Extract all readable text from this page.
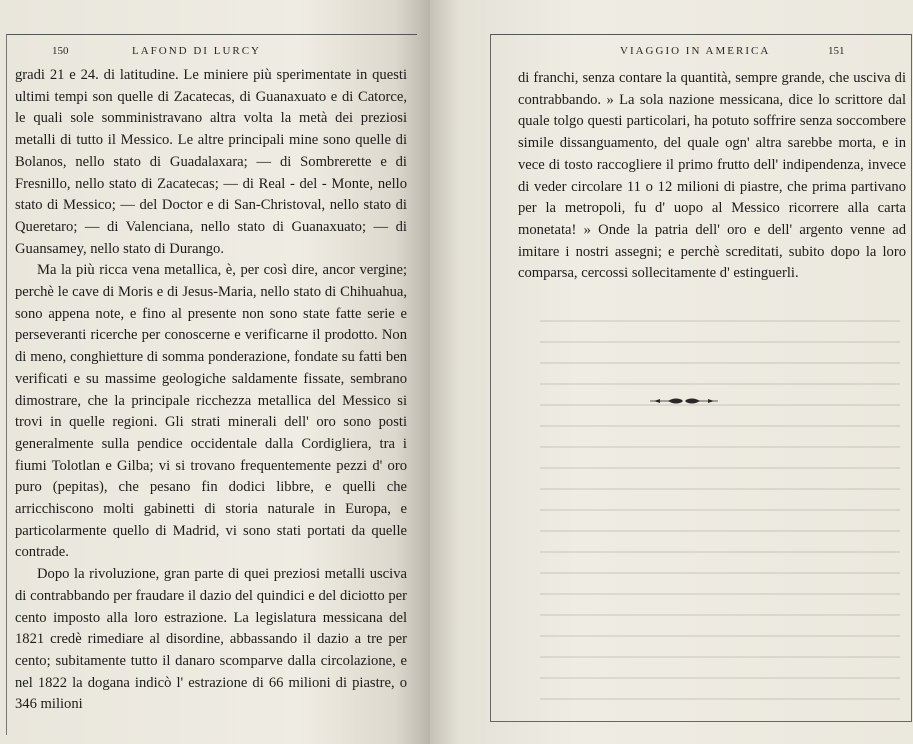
150	LAFOND DI LURCY

gradi 21 e 24. di latitudine. Le miniere più sperimentate in questi ultimi tempi son quelle di Zacatecas, di Guanaxuato e di Catorce, le quali sole somministravano altra volta la metà dei preziosi metalli di tutto il Messico. Le altre principali mine sono quelle di Bolanos, nello stato di Guadalaxara; — di Sombrerette e di Fresnillo, nello stato di Zacatecas; — di Real - del - Monte, nello stato di Messico; — del Doctor e di San-Christoval, nello stato di Queretaro; — di Valenciana, nello stato di Guanaxuato; — di Guansamey, nello stato di Durango.

Ma la più ricca vena metallica, è, per così dire, ancor vergine; perchè le cave di Moris e di Jesus-Maria, nello stato di Chihuahua, sono appena note, e fino al presente non sono state fatte serie e perseveranti ricerche per conoscerne e verificarne il prodotto. Non di meno, conghietture di somma ponderazione, fondate su fatti ben verificati e su massime geologiche saldamente fissate, sembrano dimostrare, che la principale ricchezza metallica del Messico si trovi in quelle regioni. Gli strati minerali dell' oro sono posti generalmente sulla pendice occidentale dalla Cordigliera, tra i fiumi Tolotlan e Gilba; vi si trovano frequentemente pezzi d' oro puro (pepitas), che pesano fin dodici libbre, e quelli che arricchiscono molti gabinetti di storia naturale in Europa, e particolarmente quello di Madrid, vi sono stati portati da quelle contrade.

Dopo la rivoluzione, gran parte di quei preziosi metalli usciva di contrabbando per fraudare il dazio del quindici e del diciotto per cento imposto alla loro estrazione. La legislatura messicana del 1821 credè rimediare al disordine, abbassando il dazio a tre per cento; subitamente tutto il danaro scomparve dalla circolazione, e nel 1822 la dogana indicò l' estrazione di 66 milioni di piastre, o 346 milioni

VIAGGIO IN AMERICA	151

di franchi, senza contare la quantità, sempre grande, che usciva di contrabbando. » La sola nazione messicana, dice lo scrittore dal quale tolgo questi particolari, ha potuto soffrire senza soccombere simile dissanguamento, del quale ogn' altra sarebbe morta, e in vece di tosto raccogliere il primo frutto dell' indipendenza, invece di veder circolare 11 o 12 milioni di piastre, che prima partivano per la metropoli, fu d' uopo al Messico ricorrere alla carta monetata! » Onde la patria dell' oro e dell' argento venne ad imitare i nostri assegni; e perchè screditati, subito dopo la loro comparsa, cercossi sollecitamente d' estinguerli.
